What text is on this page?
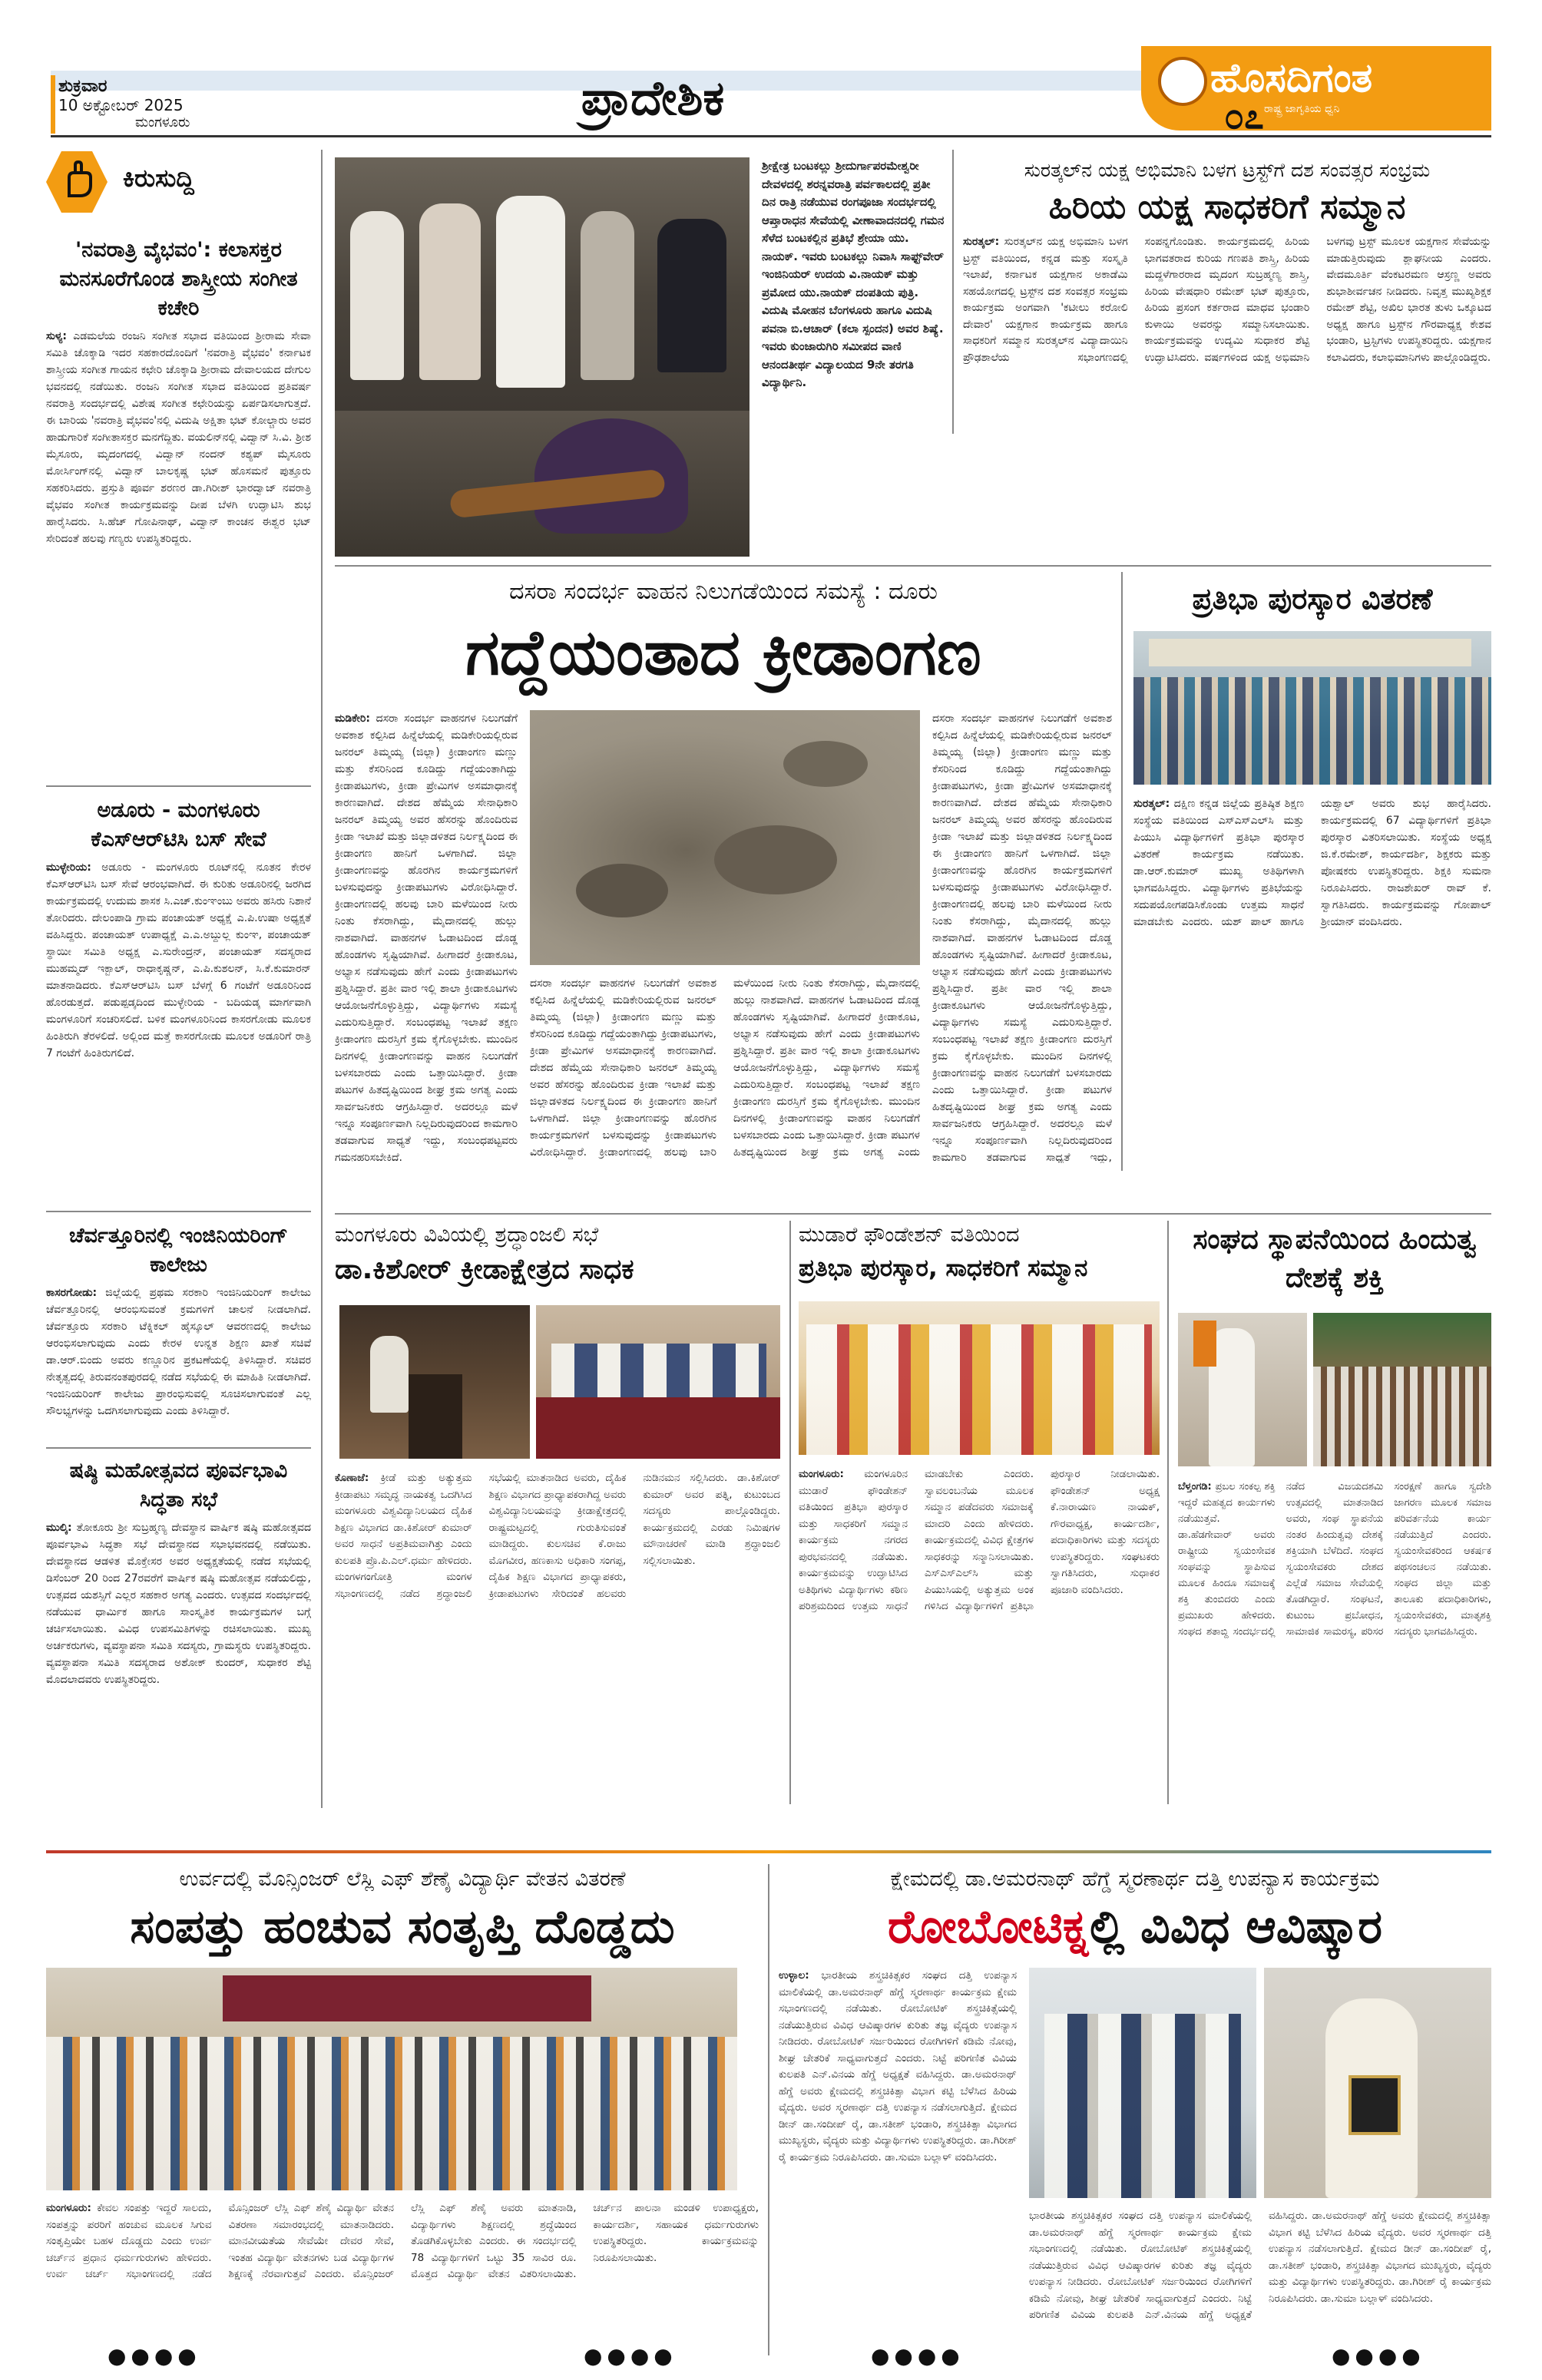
ಶುಕ್ರವಾರ
10 ಅಕ್ಟೋಬರ್ 2025
ಮಂಗಳೂರು	ಪ್ರಾದೇಶಿಕ	ಹೊಸದಿಗಂತ
ರಾಷ್ಟ್ರ ಜಾಗೃತಿಯ ಧ್ವನಿ
೦೭
ಕಿರುಸುದ್ದಿ
'ನವರಾತ್ರಿ ವೈಭವಂ': ಕಲಾಸಕ್ತರ ಮನಸೂರೆಗೊಂಡ ಶಾಸ್ತ್ರೀಯ ಸಂಗೀತ ಕಚೇರಿ
ಸುಳ್ಯ: ಎಡಮಲೆಯ ರಂಜನಿ ಸಂಗೀತ ಸಭಾದ ವತಿಯಿಂದ ಶ್ರೀರಾಮ ಸೇವಾ ಸಮಿತಿ ಚೊಕ್ಕಾಡಿ ಇದರ ಸಹಕಾರದೊಂದಿಗೆ 'ನವರಾತ್ರಿ ವೈಭವಂ' ಕರ್ನಾಟಕ ಶಾಸ್ತ್ರೀಯ ಸಂಗೀತ ಗಾಯನ ಕಛೇರಿ ಚೊಕ್ಕಾಡಿ ಶ್ರೀರಾಮ ದೇವಾಲಯದ ದೇಗುಲ ಭವನದಲ್ಲಿ ನಡೆಯಿತು. ರಂಜನಿ ಸಂಗೀತ ಸಭಾದ ವತಿಯಿಂದ ಪ್ರತಿವರ್ಷ ನವರಾತ್ರಿ ಸಂದರ್ಭದಲ್ಲಿ ವಿಶೇಷ ಸಂಗೀತ ಕಛೇರಿಯನ್ನು ಏರ್ಪಡಿಸಲಾಗುತ್ತದೆ. ಈ ಬಾರಿಯ 'ನವರಾತ್ರಿ ವೈಭವಂ'ನಲ್ಲಿ ವಿದುಷಿ ಅಕ್ಷಿತಾ ಭಟ್ ಕೋಲ್ಚಾರು ಅವರ ಹಾಡುಗಾರಿಕೆ ಸಂಗೀತಾಸಕ್ತರ ಮನಗೆದ್ದಿತು. ವಯಲಿನ್‌ನಲ್ಲಿ ವಿದ್ವಾನ್ ಸಿ.ವಿ. ಶ್ರೀಶ ಮೈಸೂರು, ಮೃದಂಗದಲ್ಲಿ ವಿದ್ವಾನ್ ನಂದನ್ ಕಶ್ಯಪ್ ಮೈಸೂರು ಮೋರ್ಸಿಂಗ್‌ನಲ್ಲಿ ವಿದ್ವಾನ್ ಬಾಲಕೃಷ್ಣ ಭಟ್ ಹೊಸಮನೆ ಪುತ್ತೂರು ಸಹಕರಿಸಿದರು. ಪ್ರಸ್ತುತಿ ಪೂರ್ವ ಶರಣರ ಡಾ.ಗಿರೀಶ್ ಭಾರದ್ವಾಜ್ ನವರಾತ್ರಿ ವೈಭವಂ ಸಂಗೀತ ಕಾರ್ಯಕ್ರಮವನ್ನು ದೀಪ ಬೆಳಗಿ ಉದ್ಘಾಟಿಸಿ ಶುಭ ಹಾರೈಸಿದರು. ಸಿ.ಹೆಚ್ ಗೋಪಿನಾಥ್, ವಿದ್ವಾನ್ ಕಾಂಚನ ಈಶ್ವರ ಭಟ್ ಸೇರಿದಂತೆ ಹಲವು ಗಣ್ಯರು ಉಪಸ್ಥಿತರಿದ್ದರು.
ಅಡೂರು - ಮಂಗಳೂರು ಕೆಎಸ್‌ಆರ್‌ಟಿಸಿ ಬಸ್ ಸೇವೆ
ಮುಳ್ಳೇರಿಯ: ಅಡೂರು - ಮಂಗಳೂರು ರೂಟ್‌ನಲ್ಲಿ ನೂತನ ಕೇರಳ ಕೆಎಸ್‌ಆರ್‌ಟಿಸಿ ಬಸ್ ಸೇವೆ ಆರಂಭವಾಗಿದೆ. ಈ ಕುರಿತು ಅಡೂರಿನಲ್ಲಿ ಜರಗಿದ ಕಾರ್ಯಕ್ರಮದಲ್ಲಿ ಉದುಮ ಶಾಸಕ ಸಿ.ಎಚ್.ಕುಂಞಂಬು ಅವರು ಹಸಿರು ನಿಶಾನೆ ತೋರಿದರು. ದೇಲಂಪಾಡಿ ಗ್ರಾಮ ಪಂಚಾಯತ್ ಅಧ್ಯಕ್ಷೆ ಎ.ಪಿ.ಉಷಾ ಅಧ್ಯಕ್ಷತೆ ವಹಿಸಿದ್ದರು. ಪಂಚಾಯತ್ ಉಪಾಧ್ಯಕ್ಷೆ ಎ.ಎ.ಅಬ್ದುಲ್ಲ ಕುಂಞ, ಪಂಚಾಯತ್ ಸ್ಥಾಯೀ ಸಮಿತಿ ಅಧ್ಯಕ್ಷ ಎ.ಸುರೇಂದ್ರನ್, ಪಂಚಾಯತ್ ಸದಸ್ಯರಾದ ಮುಹಮ್ಮದ್ ಇಕ್ಬಾಲ್, ರಾಧಾಕೃಷ್ಣನ್, ಎ.ಪಿ.ಕುಶಲನ್, ಸಿ.ಕೆ.ಕುಮಾರನ್ ಮಾತನಾಡಿದರು. ಕೆಎಸ್‌ಆರ್‌ಟಿಸಿ ಬಸ್ ಬೆಳಗ್ಗೆ 6 ಗಂಟೆಗೆ ಅಡೂರಿನಿಂದ ಹೊರಡುತ್ತದೆ. ಪಡುಪ್ಪಡ್ಕದಿಂದ ಮುಳ್ಳೇರಿಯ - ಬದಿಯಡ್ಕ ಮಾರ್ಗವಾಗಿ ಮಂಗಳೂರಿಗೆ ಸಂಚರಿಸಲಿದೆ. ಬಳಿಕ ಮಂಗಳೂರಿನಿಂದ ಕಾಸರಗೋಡು ಮೂಲಕ ಹಿಂತಿರುಗಿ ತೆರಳಲಿದೆ. ಅಲ್ಲಿಂದ ಮತ್ತೆ ಕಾಸರಗೋಡು ಮೂಲಕ ಅಡೂರಿಗೆ ರಾತ್ರಿ 7 ಗಂಟೆಗೆ ಹಿಂತಿರುಗಲಿದೆ.
ಚೆರ್ವತ್ತೂರಿನಲ್ಲಿ ಇಂಜಿನಿಯರಿಂಗ್ ಕಾಲೇಜು
ಕಾಸರಗೋಡು: ಜಿಲ್ಲೆಯಲ್ಲಿ ಪ್ರಥಮ ಸರಕಾರಿ ಇಂಜಿನಿಯರಿಂಗ್ ಕಾಲೇಜು ಚೆರ್ವತ್ತೂರಿನಲ್ಲಿ ಆರಂಭಿಸುವಂತೆ ಕ್ರಮಗಳಿಗೆ ಚಾಲನೆ ನೀಡಲಾಗಿದೆ. ಚೆರ್ವತ್ತೂರು ಸರಕಾರಿ ಟೆಕ್ನಿಕಲ್ ಹೈಸ್ಕೂಲ್ ಆವರಣದಲ್ಲಿ ಕಾಲೇಜು ಆರಂಭಿಸಲಾಗುವುದು ಎಂದು ಕೇರಳ ಉನ್ನತ ಶಿಕ್ಷಣ ಖಾತೆ ಸಚಿವೆ ಡಾ.ಆರ್.ಬಿಂದು ಅವರು ಕಣ್ಣೂರಿನ ಪ್ರಕಟಣೆಯಲ್ಲಿ ತಿಳಿಸಿದ್ದಾರೆ. ಸಚಿವರ ನೇತೃತ್ವದಲ್ಲಿ ತಿರುವನಂತಪುರದಲ್ಲಿ ನಡೆದ ಸಭೆಯಲ್ಲಿ ಈ ಮಾಹಿತಿ ನೀಡಲಾಗಿದೆ. ಇಂಜಿನಿಯರಿಂಗ್ ಕಾಲೇಜು ಪ್ರಾರಂಭಿಸುವಲ್ಲಿ ಸೂಚಿಸಲಾಗುವಂತೆ ಎಲ್ಲ ಸೌಲಭ್ಯಗಳನ್ನು ಒದಗಿಸಲಾಗುವುದು ಎಂದು ತಿಳಿಸಿದ್ದಾರೆ.
ಷಷ್ಠಿ ಮಹೋತ್ಸವದ ಪೂರ್ವಭಾವಿ ಸಿದ್ಧತಾ ಸಭೆ
ಮುಲ್ಕಿ: ತೋಕೂರು ಶ್ರೀ ಸುಬ್ರಹ್ಮಣ್ಯ ದೇವಸ್ಥಾನ ವಾರ್ಷಿಕ ಷಷ್ಠಿ ಮಹೋತ್ಸವದ ಪೂರ್ವಭಾವಿ ಸಿದ್ಧತಾ ಸಭೆ ದೇವಸ್ಥಾನದ ಸಭಾಭವನದಲ್ಲಿ ನಡೆಯಿತು. ದೇವಸ್ಥಾನದ ಆಡಳಿತ ಮೊಕ್ತೇಸರ ಅವರ ಅಧ್ಯಕ್ಷತೆಯಲ್ಲಿ ನಡೆದ ಸಭೆಯಲ್ಲಿ ಡಿಸೆಂಬರ್ 20 ರಿಂದ 27ರವರೆಗೆ ವಾರ್ಷಿಕ ಷಷ್ಠಿ ಮಹೋತ್ಸವ ನಡೆಯಲಿದ್ದು, ಉತ್ಸವದ ಯಶಸ್ಸಿಗೆ ಎಲ್ಲರ ಸಹಕಾರ ಅಗತ್ಯ ಎಂದರು. ಉತ್ಸವದ ಸಂದರ್ಭದಲ್ಲಿ ನಡೆಯುವ ಧಾರ್ಮಿಕ ಹಾಗೂ ಸಾಂಸ್ಕೃತಿಕ ಕಾರ್ಯಕ್ರಮಗಳ ಬಗ್ಗೆ ಚರ್ಚಿಸಲಾಯಿತು. ವಿವಿಧ ಉಪಸಮಿತಿಗಳನ್ನು ರಚಿಸಲಾಯಿತು. ಮುಖ್ಯ ಅರ್ಚಕರುಗಳು, ವ್ಯವಸ್ಥಾಪನಾ ಸಮಿತಿ ಸದಸ್ಯರು, ಗ್ರಾಮಸ್ಥರು ಉಪಸ್ಥಿತರಿದ್ದರು. ವ್ಯವಸ್ಥಾಪನಾ ಸಮಿತಿ ಸದಸ್ಯರಾದ ಅಶೋಕ್ ಕುಂದರ್, ಸುಧಾಕರ ಶೆಟ್ಟಿ ಮೊದಲಾದವರು ಉಪಸ್ಥಿತರಿದ್ದರು.
ಶ್ರೀಕ್ಷೇತ್ರ ಬಂಟಕಲ್ಲು ಶ್ರೀದುರ್ಗಾಪರಮೇಶ್ವರೀ ದೇವಳದಲ್ಲಿ ಶರನ್ನವರಾತ್ರಿ ಪರ್ವಕಾಲದಲ್ಲಿ ಪ್ರತೀ ದಿನ ರಾತ್ರಿ ನಡೆಯುವ ರಂಗಪೂಜಾ ಸಂದರ್ಭದಲ್ಲಿ ಆಪ್ತಾರಾಧನ ಸೇವೆಯಲ್ಲಿ ವೀಣಾವಾದನದಲ್ಲಿ ಗಮನ ಸೆಳೆದ ಬಂಟಕಲ್ಲಿನ ಪ್ರತಿಭೆ ಶ್ರೇಯಾ ಯು. ನಾಯಕ್. ಇವರು ಬಂಟಕಲ್ಲು ನಿವಾಸಿ ಸಾಫ್ಟ್‌ವೇರ್ ಇಂಜಿನಿಯರ್ ಉದಯ ವಿ.ನಾಯಕ್ ಮತ್ತು ಪ್ರಮೋದ ಯು.ನಾಯಕ್ ದಂಪತಿಯ ಪುತ್ರಿ. ವಿದುಷಿ ಮೋಹನ ಬೆಂಗಳೂರು ಹಾಗೂ ವಿದುಷಿ ಪವನಾ ಬಿ.ಆಚಾರ್ (ಕಲಾ ಸ್ಪಂದನ) ಅವರ ಶಿಷ್ಯೆ. ಇವರು ಕುಂಜಾರುಗಿರಿ ಸಮೀಪದ ವಾಣಿ ಆನಂದತೀರ್ಥ ವಿದ್ಯಾಲಯದ 9ನೇ ತರಗತಿ ವಿದ್ಯಾರ್ಥಿನಿ.
ಸುರತ್ಕಲ್‌ನ ಯಕ್ಷ ಅಭಿಮಾನಿ ಬಳಗ ಟ್ರಸ್ಟ್‌ಗೆ ದಶ ಸಂವತ್ಸರ ಸಂಭ್ರಮ
ಹಿರಿಯ ಯಕ್ಷ ಸಾಧಕರಿಗೆ ಸಮ್ಮಾನ
ಸುರತ್ಕಲ್: ಸುರತ್ಕಲ್‌ನ ಯಕ್ಷ ಅಭಿಮಾನಿ ಬಳಗ ಟ್ರಸ್ಟ್ ವತಿಯಿಂದ, ಕನ್ನಡ ಮತ್ತು ಸಂಸ್ಕೃತಿ ಇಲಾಖೆ, ಕರ್ನಾಟಕ ಯಕ್ಷಗಾನ ಅಕಾಡೆಮಿ ಸಹಯೋಗದಲ್ಲಿ ಟ್ರಸ್ಟ್‌ನ ದಶ ಸಂವತ್ಸರ ಸಂಭ್ರಮ ಕಾರ್ಯಕ್ರಮ ಅಂಗವಾಗಿ 'ಕಟೀಲು ಕರೋಲಿ ದೇವಾರ' ಯಕ್ಷಗಾನ ಕಾರ್ಯಕ್ರಮ ಹಾಗೂ ಸಾಧಕರಿಗೆ ಸಮ್ಮಾನ ಸುರತ್ಕಲ್‌ನ ವಿದ್ಯಾದಾಯಿನಿ ಪ್ರೌಢಶಾಲೆಯ ಸಭಾಂಗಣದಲ್ಲಿ ಸಂಪನ್ನಗೊಂಡಿತು. ಕಾರ್ಯಕ್ರಮದಲ್ಲಿ ಹಿರಿಯ ಭಾಗವತರಾದ ಕುರಿಯ ಗಣಪತಿ ಶಾಸ್ತ್ರಿ, ಹಿರಿಯ ಮದ್ದಳೆಗಾರರಾದ ಮೃದಂಗ ಸುಬ್ರಹ್ಮಣ್ಯ ಶಾಸ್ತ್ರಿ, ಹಿರಿಯ ವೇಷಧಾರಿ ರಮೇಶ್ ಭಟ್ ಪುತ್ತೂರು, ಹಿರಿಯ ಪ್ರಸಂಗ ಕರ್ತರಾದ ಮಾಧವ ಭಂಡಾರಿ ಕುಳಾಯಿ ಅವರನ್ನು ಸಮ್ಮಾನಿಸಲಾಯಿತು. ಕಾರ್ಯಕ್ರಮವನ್ನು ಉದ್ಯಮಿ ಸುಧಾಕರ ಶೆಟ್ಟಿ ಉದ್ಘಾಟಿಸಿದರು. ವರ್ಷಗಳಿಂದ ಯಕ್ಷ ಅಭಿಮಾನಿ ಬಳಗವು ಟ್ರಸ್ಟ್ ಮೂಲಕ ಯಕ್ಷಗಾನ ಸೇವೆಯನ್ನು ಮಾಡುತ್ತಿರುವುದು ಶ್ಲಾಘನೀಯ ಎಂದರು. ವೇದಮೂರ್ತಿ ವೆಂಕಟರಮಣ ಆಸ್ರಣ್ಣ ಅವರು ಶುಭಾಶೀರ್ವಚನ ನೀಡಿದರು. ನಿವೃತ್ತ ಮುಖ್ಯಶಿಕ್ಷಕ ರಮೇಶ್ ಶೆಟ್ಟಿ, ಅಖಿಲ ಭಾರತ ತುಳು ಒಕ್ಕೂಟದ ಅಧ್ಯಕ್ಷ ಹಾಗೂ ಟ್ರಸ್ಟ್‌ನ ಗೌರವಾಧ್ಯಕ್ಷ ಕೇಶವ ಭಂಡಾರಿ, ಟ್ರಸ್ಟಿಗಳು ಉಪಸ್ಥಿತರಿದ್ದರು. ಯಕ್ಷಗಾನ ಕಲಾವಿದರು, ಕಲಾಭಿಮಾನಿಗಳು ಪಾಲ್ಗೊಂಡಿದ್ದರು.
ದಸರಾ ಸಂದರ್ಭ ವಾಹನ ನಿಲುಗಡೆಯಿಂದ ಸಮಸ್ಯೆ : ದೂರು
ಗದ್ದೆಯಂತಾದ ಕ್ರೀಡಾಂಗಣ
ಮಡಿಕೇರಿ: ದಸರಾ ಸಂದರ್ಭ ವಾಹನಗಳ ನಿಲುಗಡೆಗೆ ಅವಕಾಶ ಕಲ್ಪಿಸಿದ ಹಿನ್ನೆಲೆಯಲ್ಲಿ ಮಡಿಕೇರಿಯಲ್ಲಿರುವ ಜನರಲ್ ತಿಮ್ಮಯ್ಯ (ಜಿಲ್ಲಾ) ಕ್ರೀಡಾಂಗಣ ಮಣ್ಣು ಮತ್ತು ಕೆಸರಿನಿಂದ ಕೂಡಿದ್ದು ಗದ್ದೆಯಂತಾಗಿದ್ದು ಕ್ರೀಡಾಪಟುಗಳು, ಕ್ರೀಡಾ ಪ್ರೇಮಿಗಳ ಅಸಮಾಧಾನಕ್ಕೆ ಕಾರಣವಾಗಿದೆ. ದೇಶದ ಹೆಮ್ಮೆಯ ಸೇನಾಧಿಕಾರಿ ಜನರಲ್ ತಿಮ್ಮಯ್ಯ ಅವರ ಹೆಸರನ್ನು ಹೊಂದಿರುವ ಕ್ರೀಡಾ ಇಲಾಖೆ ಮತ್ತು ಜಿಲ್ಲಾಡಳಿತದ ನಿರ್ಲಕ್ಷ್ಯದಿಂದ ಈ ಕ್ರೀಡಾಂಗಣ ಹಾನಿಗೆ ಒಳಗಾಗಿದೆ. ಜಿಲ್ಲಾ ಕ್ರೀಡಾಂಗಣವನ್ನು ಹೊರಗಿನ ಕಾರ್ಯಕ್ರಮಗಳಿಗೆ ಬಳಸುವುದನ್ನು ಕ್ರೀಡಾಪಟುಗಳು ವಿರೋಧಿಸಿದ್ದಾರೆ. ಕ್ರೀಡಾಂಗಣದಲ್ಲಿ ಹಲವು ಬಾರಿ ಮಳೆಯಿಂದ ನೀರು ನಿಂತು ಕೆಸರಾಗಿದ್ದು, ಮೈದಾನದಲ್ಲಿ ಹುಲ್ಲು ನಾಶವಾಗಿದೆ. ವಾಹನಗಳ ಓಡಾಟದಿಂದ ದೊಡ್ಡ ಹೊಂಡಗಳು ಸೃಷ್ಟಿಯಾಗಿವೆ. ಹೀಗಾದರೆ ಕ್ರೀಡಾಕೂಟ, ಅಭ್ಯಾಸ ನಡೆಸುವುದು ಹೇಗೆ ಎಂದು ಕ್ರೀಡಾಪಟುಗಳು ಪ್ರಶ್ನಿಸಿದ್ದಾರೆ. ಪ್ರತೀ ವಾರ ಇಲ್ಲಿ ಶಾಲಾ ಕ್ರೀಡಾಕೂಟಗಳು ಆಯೋಜನೆಗೊಳ್ಳುತ್ತಿದ್ದು, ವಿದ್ಯಾರ್ಥಿಗಳು ಸಮಸ್ಯೆ ಎದುರಿಸುತ್ತಿದ್ದಾರೆ. ಸಂಬಂಧಪಟ್ಟ ಇಲಾಖೆ ತಕ್ಷಣ ಕ್ರೀಡಾಂಗಣ ದುರಸ್ತಿಗೆ ಕ್ರಮ ಕೈಗೊಳ್ಳಬೇಕು. ಮುಂದಿನ ದಿನಗಳಲ್ಲಿ ಕ್ರೀಡಾಂಗಣವನ್ನು ವಾಹನ ನಿಲುಗಡೆಗೆ ಬಳಸಬಾರದು ಎಂದು ಒತ್ತಾಯಿಸಿದ್ದಾರೆ. ಕ್ರೀಡಾ ಪಟುಗಳ ಹಿತದೃಷ್ಟಿಯಿಂದ ಶೀಘ್ರ ಕ್ರಮ ಅಗತ್ಯ ಎಂದು ಸಾರ್ವಜನಿಕರು ಆಗ್ರಹಿಸಿದ್ದಾರೆ. ಅದರಲ್ಲೂ ಮಳೆ ಇನ್ನೂ ಸಂಪೂರ್ಣವಾಗಿ ನಿಲ್ಲದಿರುವುದರಿಂದ ಕಾಮಗಾರಿ ತಡವಾಗುವ ಸಾಧ್ಯತೆ ಇದ್ದು, ಸಂಬಂಧಪಟ್ಟವರು ಗಮನಹರಿಸಬೇಕಿದೆ.
ದಸರಾ ಸಂದರ್ಭ ವಾಹನಗಳ ನಿಲುಗಡೆಗೆ ಅವಕಾಶ ಕಲ್ಪಿಸಿದ ಹಿನ್ನೆಲೆಯಲ್ಲಿ ಮಡಿಕೇರಿಯಲ್ಲಿರುವ ಜನರಲ್ ತಿಮ್ಮಯ್ಯ (ಜಿಲ್ಲಾ) ಕ್ರೀಡಾಂಗಣ ಮಣ್ಣು ಮತ್ತು ಕೆಸರಿನಿಂದ ಕೂಡಿದ್ದು ಗದ್ದೆಯಂತಾಗಿದ್ದು ಕ್ರೀಡಾಪಟುಗಳು, ಕ್ರೀಡಾ ಪ್ರೇಮಿಗಳ ಅಸಮಾಧಾನಕ್ಕೆ ಕಾರಣವಾಗಿದೆ. ದೇಶದ ಹೆಮ್ಮೆಯ ಸೇನಾಧಿಕಾರಿ ಜನರಲ್ ತಿಮ್ಮಯ್ಯ ಅವರ ಹೆಸರನ್ನು ಹೊಂದಿರುವ ಕ್ರೀಡಾ ಇಲಾಖೆ ಮತ್ತು ಜಿಲ್ಲಾಡಳಿತದ ನಿರ್ಲಕ್ಷ್ಯದಿಂದ ಈ ಕ್ರೀಡಾಂಗಣ ಹಾನಿಗೆ ಒಳಗಾಗಿದೆ. ಜಿಲ್ಲಾ ಕ್ರೀಡಾಂಗಣವನ್ನು ಹೊರಗಿನ ಕಾರ್ಯಕ್ರಮಗಳಿಗೆ ಬಳಸುವುದನ್ನು ಕ್ರೀಡಾಪಟುಗಳು ವಿರೋಧಿಸಿದ್ದಾರೆ. ಕ್ರೀಡಾಂಗಣದಲ್ಲಿ ಹಲವು ಬಾರಿ ಮಳೆಯಿಂದ ನೀರು ನಿಂತು ಕೆಸರಾಗಿದ್ದು, ಮೈದಾನದಲ್ಲಿ ಹುಲ್ಲು ನಾಶವಾಗಿದೆ. ವಾಹನಗಳ ಓಡಾಟದಿಂದ ದೊಡ್ಡ ಹೊಂಡಗಳು ಸೃಷ್ಟಿಯಾಗಿವೆ. ಹೀಗಾದರೆ ಕ್ರೀಡಾಕೂಟ, ಅಭ್ಯಾಸ ನಡೆಸುವುದು ಹೇಗೆ ಎಂದು ಕ್ರೀಡಾಪಟುಗಳು ಪ್ರಶ್ನಿಸಿದ್ದಾರೆ. ಪ್ರತೀ ವಾರ ಇಲ್ಲಿ ಶಾಲಾ ಕ್ರೀಡಾಕೂಟಗಳು ಆಯೋಜನೆಗೊಳ್ಳುತ್ತಿದ್ದು, ವಿದ್ಯಾರ್ಥಿಗಳು ಸಮಸ್ಯೆ ಎದುರಿಸುತ್ತಿದ್ದಾರೆ. ಸಂಬಂಧಪಟ್ಟ ಇಲಾಖೆ ತಕ್ಷಣ ಕ್ರೀಡಾಂಗಣ ದುರಸ್ತಿಗೆ ಕ್ರಮ ಕೈಗೊಳ್ಳಬೇಕು. ಮುಂದಿನ ದಿನಗಳಲ್ಲಿ ಕ್ರೀಡಾಂಗಣವನ್ನು ವಾಹನ ನಿಲುಗಡೆಗೆ ಬಳಸಬಾರದು ಎಂದು ಒತ್ತಾಯಿಸಿದ್ದಾರೆ. ಕ್ರೀಡಾ ಪಟುಗಳ ಹಿತದೃಷ್ಟಿಯಿಂದ ಶೀಘ್ರ ಕ್ರಮ ಅಗತ್ಯ ಎಂದು
ದಸರಾ ಸಂದರ್ಭ ವಾಹನಗಳ ನಿಲುಗಡೆಗೆ ಅವಕಾಶ ಕಲ್ಪಿಸಿದ ಹಿನ್ನೆಲೆಯಲ್ಲಿ ಮಡಿಕೇರಿಯಲ್ಲಿರುವ ಜನರಲ್ ತಿಮ್ಮಯ್ಯ (ಜಿಲ್ಲಾ) ಕ್ರೀಡಾಂಗಣ ಮಣ್ಣು ಮತ್ತು ಕೆಸರಿನಿಂದ ಕೂಡಿದ್ದು ಗದ್ದೆಯಂತಾಗಿದ್ದು ಕ್ರೀಡಾಪಟುಗಳು, ಕ್ರೀಡಾ ಪ್ರೇಮಿಗಳ ಅಸಮಾಧಾನಕ್ಕೆ ಕಾರಣವಾಗಿದೆ. ದೇಶದ ಹೆಮ್ಮೆಯ ಸೇನಾಧಿಕಾರಿ ಜನರಲ್ ತಿಮ್ಮಯ್ಯ ಅವರ ಹೆಸರನ್ನು ಹೊಂದಿರುವ ಕ್ರೀಡಾ ಇಲಾಖೆ ಮತ್ತು ಜಿಲ್ಲಾಡಳಿತದ ನಿರ್ಲಕ್ಷ್ಯದಿಂದ ಈ ಕ್ರೀಡಾಂಗಣ ಹಾನಿಗೆ ಒಳಗಾಗಿದೆ. ಜಿಲ್ಲಾ ಕ್ರೀಡಾಂಗಣವನ್ನು ಹೊರಗಿನ ಕಾರ್ಯಕ್ರಮಗಳಿಗೆ ಬಳಸುವುದನ್ನು ಕ್ರೀಡಾಪಟುಗಳು ವಿರೋಧಿಸಿದ್ದಾರೆ. ಕ್ರೀಡಾಂಗಣದಲ್ಲಿ ಹಲವು ಬಾರಿ ಮಳೆಯಿಂದ ನೀರು ನಿಂತು ಕೆಸರಾಗಿದ್ದು, ಮೈದಾನದಲ್ಲಿ ಹುಲ್ಲು ನಾಶವಾಗಿದೆ. ವಾಹನಗಳ ಓಡಾಟದಿಂದ ದೊಡ್ಡ ಹೊಂಡಗಳು ಸೃಷ್ಟಿಯಾಗಿವೆ. ಹೀಗಾದರೆ ಕ್ರೀಡಾಕೂಟ, ಅಭ್ಯಾಸ ನಡೆಸುವುದು ಹೇಗೆ ಎಂದು ಕ್ರೀಡಾಪಟುಗಳು ಪ್ರಶ್ನಿಸಿದ್ದಾರೆ. ಪ್ರತೀ ವಾರ ಇಲ್ಲಿ ಶಾಲಾ ಕ್ರೀಡಾಕೂಟಗಳು ಆಯೋಜನೆಗೊಳ್ಳುತ್ತಿದ್ದು, ವಿದ್ಯಾರ್ಥಿಗಳು ಸಮಸ್ಯೆ ಎದುರಿಸುತ್ತಿದ್ದಾರೆ. ಸಂಬಂಧಪಟ್ಟ ಇಲಾಖೆ ತಕ್ಷಣ ಕ್ರೀಡಾಂಗಣ ದುರಸ್ತಿಗೆ ಕ್ರಮ ಕೈಗೊಳ್ಳಬೇಕು. ಮುಂದಿನ ದಿನಗಳಲ್ಲಿ ಕ್ರೀಡಾಂಗಣವನ್ನು ವಾಹನ ನಿಲುಗಡೆಗೆ ಬಳಸಬಾರದು ಎಂದು ಒತ್ತಾಯಿಸಿದ್ದಾರೆ. ಕ್ರೀಡಾ ಪಟುಗಳ ಹಿತದೃಷ್ಟಿಯಿಂದ ಶೀಘ್ರ ಕ್ರಮ ಅಗತ್ಯ ಎಂದು ಸಾರ್ವಜನಿಕರು ಆಗ್ರಹಿಸಿದ್ದಾರೆ. ಅದರಲ್ಲೂ ಮಳೆ ಇನ್ನೂ ಸಂಪೂರ್ಣವಾಗಿ ನಿಲ್ಲದಿರುವುದರಿಂದ ಕಾಮಗಾರಿ ತಡವಾಗುವ ಸಾಧ್ಯತೆ ಇದ್ದು,
ಪ್ರತಿಭಾ ಪುರಸ್ಕಾರ ವಿತರಣೆ
ಸುರತ್ಕಲ್: ದಕ್ಷಿಣ ಕನ್ನಡ ಜಿಲ್ಲೆಯ ಪ್ರತಿಷ್ಠಿತ ಶಿಕ್ಷಣ ಸಂಸ್ಥೆಯ ವತಿಯಿಂದ ಎಸ್ಎಸ್ಎಲ್‌ಸಿ ಮತ್ತು ಪಿಯುಸಿ ವಿದ್ಯಾರ್ಥಿಗಳಿಗೆ ಪ್ರತಿಭಾ ಪುರಸ್ಕಾರ ವಿತರಣೆ ಕಾರ್ಯಕ್ರಮ ನಡೆಯಿತು. ಡಾ.ಆರ್.ಕುಮಾರ್ ಮುಖ್ಯ ಅತಿಥಿಗಳಾಗಿ ಭಾಗವಹಿಸಿದ್ದರು. ವಿದ್ಯಾರ್ಥಿಗಳು ಪ್ರತಿಭೆಯನ್ನು ಸದುಪಯೋಗಪಡಿಸಿಕೊಂಡು ಉತ್ತಮ ಸಾಧನೆ ಮಾಡಬೇಕು ಎಂದರು. ಯಶ್ ಪಾಲ್ ಹಾಗೂ ಯಶ್ವಾಲ್ ಅವರು ಶುಭ ಹಾರೈಸಿದರು. ಕಾರ್ಯಕ್ರಮದಲ್ಲಿ 67 ವಿದ್ಯಾರ್ಥಿಗಳಿಗೆ ಪ್ರತಿಭಾ ಪುರಸ್ಕಾರ ವಿತರಿಸಲಾಯಿತು. ಸಂಸ್ಥೆಯ ಅಧ್ಯಕ್ಷ ಜಿ.ಕೆ.ರಮೇಶ್, ಕಾರ್ಯದರ್ಶಿ, ಶಿಕ್ಷಕರು ಮತ್ತು ಪೋಷಕರು ಉಪಸ್ಥಿತರಿದ್ದರು. ಶಿಕ್ಷಕಿ ಸುಮನಾ ನಿರೂಪಿಸಿದರು. ರಾಜಶೇಖರ್ ರಾವ್ ಕೆ. ಸ್ವಾಗತಿಸಿದರು. ಕಾರ್ಯಕ್ರಮವನ್ನು ಗೋಪಾಲ್ ಶ್ರೀಯಾನ್ ವಂದಿಸಿದರು.
ಮಂಗಳೂರು ವಿವಿಯಲ್ಲಿ ಶ್ರದ್ಧಾಂಜಲಿ ಸಭೆ
ಡಾ.ಕಿಶೋರ್ ಕ್ರೀಡಾಕ್ಷೇತ್ರದ ಸಾಧಕ
ಕೊಣಾಜೆ: ಕ್ರೀಡೆ ಮತ್ತು ಅತ್ಯುತ್ತಮ ಕ್ರೀಡಾಪಟು ಸಮೃದ್ಧ ನಾಯಕತ್ವ ಒದಗಿಸಿದ ಮಂಗಳೂರು ವಿಶ್ವವಿದ್ಯಾನಿಲಯದ ದೈಹಿಕ ಶಿಕ್ಷಣ ವಿಭಾಗದ ಡಾ.ಕಿಶೋರ್ ಕುಮಾರ್ ಅವರ ಸಾಧನೆ ಅಪ್ರತಿಮವಾಗಿತ್ತು ಎಂದು ಕುಲಪತಿ ಪ್ರೊ.ಪಿ.ಎಲ್.ಧರ್ಮ ಹೇಳಿದರು. ಮಂಗಳಗಂಗೋತ್ರಿ ಮಂಗಳ ಸಭಾಂಗಣದಲ್ಲಿ ನಡೆದ ಶ್ರದ್ಧಾಂಜಲಿ ಸಭೆಯಲ್ಲಿ ಮಾತನಾಡಿದ ಅವರು, ದೈಹಿಕ ಶಿಕ್ಷಣ ವಿಭಾಗದ ಪ್ರಾಧ್ಯಾಪಕರಾಗಿದ್ದ ಅವರು ವಿಶ್ವವಿದ್ಯಾನಿಲಯವನ್ನು ಕ್ರೀಡಾಕ್ಷೇತ್ರದಲ್ಲಿ ರಾಷ್ಟ್ರಮಟ್ಟದಲ್ಲಿ ಗುರುತಿಸುವಂತೆ ಮಾಡಿದ್ದರು. ಕುಲಸಚಿವ ಕೆ.ರಾಜು ಮೊಗವೀರ, ಹಣಕಾಸು ಅಧಿಕಾರಿ ಸಂಗಪ್ಪ, ದೈಹಿಕ ಶಿಕ್ಷಣ ವಿಭಾಗದ ಪ್ರಾಧ್ಯಾಪಕರು, ಕ್ರೀಡಾಪಟುಗಳು ಸೇರಿದಂತೆ ಹಲವರು ನುಡಿನಮನ ಸಲ್ಲಿಸಿದರು. ಡಾ.ಕಿಶೋರ್ ಕುಮಾರ್ ಅವರ ಪತ್ನಿ, ಕುಟುಂಬದ ಸದಸ್ಯರು ಪಾಲ್ಗೊಂಡಿದ್ದರು. ಕಾರ್ಯಕ್ರಮದಲ್ಲಿ ಎರಡು ನಿಮಿಷಗಳ ಮೌನಾಚರಣೆ ಮಾಡಿ ಶ್ರದ್ಧಾಂಜಲಿ ಸಲ್ಲಿಸಲಾಯಿತು.
ಮುಡಾರೆ ಫೌಂಡೇಶನ್ ವತಿಯಿಂದ
ಪ್ರತಿಭಾ ಪುರಸ್ಕಾರ, ಸಾಧಕರಿಗೆ ಸಮ್ಮಾನ
ಮಂಗಳೂರು: ಮಂಗಳೂರಿನ ಮುಡಾರೆ ಫೌಂಡೇಶನ್ ವತಿಯಿಂದ ಪ್ರತಿಭಾ ಪುರಸ್ಕಾರ ಮತ್ತು ಸಾಧಕರಿಗೆ ಸಮ್ಮಾನ ಕಾರ್ಯಕ್ರಮ ನಗರದ ಪುರಭವನದಲ್ಲಿ ನಡೆಯಿತು. ಕಾರ್ಯಕ್ರಮವನ್ನು ಉದ್ಘಾಟಿಸಿದ ಅತಿಥಿಗಳು ವಿದ್ಯಾರ್ಥಿಗಳು ಕಠಿಣ ಪರಿಶ್ರಮದಿಂದ ಉತ್ತಮ ಸಾಧನೆ ಮಾಡಬೇಕು ಎಂದರು. ಸ್ವಾವಲಂಬನೆಯ ಮೂಲಕ ಸಮ್ಮಾನ ಪಡೆದವರು ಸಮಾಜಕ್ಕೆ ಮಾದರಿ ಎಂದು ಹೇಳಿದರು. ಕಾರ್ಯಕ್ರಮದಲ್ಲಿ ವಿವಿಧ ಕ್ಷೇತ್ರಗಳ ಸಾಧಕರನ್ನು ಸನ್ಮಾನಿಸಲಾಯಿತು. ಎಸ್ಎಸ್ಎಲ್‌ಸಿ ಮತ್ತು ಪಿಯುಸಿಯಲ್ಲಿ ಅತ್ಯುತ್ತಮ ಅಂಕ ಗಳಿಸಿದ ವಿದ್ಯಾರ್ಥಿಗಳಿಗೆ ಪ್ರತಿಭಾ ಪುರಸ್ಕಾರ ನೀಡಲಾಯಿತು. ಫೌಂಡೇಶನ್ ಅಧ್ಯಕ್ಷ ಕೆ.ನಾರಾಯಣ ನಾಯಕ್, ಗೌರವಾಧ್ಯಕ್ಷ, ಕಾರ್ಯದರ್ಶಿ, ಪದಾಧಿಕಾರಿಗಳು ಮತ್ತು ಸದಸ್ಯರು ಉಪಸ್ಥಿತರಿದ್ದರು. ಸಂಘಟಕರು ಸ್ವಾಗತಿಸಿದರು, ಸುಧಾಕರ ಪೂಜಾರಿ ವಂದಿಸಿದರು.
ಸಂಘದ ಸ್ಥಾಪನೆಯಿಂದ ಹಿಂದುತ್ವ ದೇಶಕ್ಕೆ ಶಕ್ತಿ
ಬೆಳ್ತಂಗಡಿ: ಪ್ರಬಲ ಸಂಕಲ್ಪ ಶಕ್ತಿ ಇದ್ದರೆ ಮಹತ್ವದ ಕಾರ್ಯಗಳು ನಡೆಯುತ್ತವೆ. ಡಾ.ಹೆಡಗೇವಾರ್ ಅವರು ರಾಷ್ಟ್ರೀಯ ಸ್ವಯಂಸೇವಕ ಸಂಘವನ್ನು ಸ್ಥಾಪಿಸುವ ಮೂಲಕ ಹಿಂದೂ ಸಮಾಜಕ್ಕೆ ಶಕ್ತಿ ತುಂಬಿದರು ಎಂದು ಪ್ರಮುಖರು ಹೇಳಿದರು. ಸಂಘದ ಶತಾಬ್ದಿ ಸಂದರ್ಭದಲ್ಲಿ ನಡೆದ ವಿಜಯದಶಮಿ ಉತ್ಸವದಲ್ಲಿ ಮಾತನಾಡಿದ ಅವರು, ಸಂಘ ಸ್ಥಾಪನೆಯ ನಂತರ ಹಿಂದುತ್ವವು ದೇಶಕ್ಕೆ ಶಕ್ತಿಯಾಗಿ ಬೆಳೆದಿದೆ. ಸಂಘದ ಸ್ವಯಂಸೇವಕರು ದೇಶದ ಎಲ್ಲೆಡೆ ಸಮಾಜ ಸೇವೆಯಲ್ಲಿ ತೊಡಗಿದ್ದಾರೆ. ಸಂಘಟನೆ, ಕುಟುಂಬ ಪ್ರಬೋಧನ, ಸಾಮಾಜಿಕ ಸಾಮರಸ್ಯ, ಪರಿಸರ ಸಂರಕ್ಷಣೆ ಹಾಗೂ ಸ್ವದೇಶಿ ಜಾಗರಣ ಮೂಲಕ ಸಮಾಜ ಪರಿವರ್ತನೆಯ ಕಾರ್ಯ ನಡೆಯುತ್ತಿದೆ ಎಂದರು. ಸ್ವಯಂಸೇವಕರಿಂದ ಆಕರ್ಷಕ ಪಥಸಂಚಲನ ನಡೆಯಿತು. ಸಂಘದ ಜಿಲ್ಲಾ ಮತ್ತು ತಾಲೂಕು ಪದಾಧಿಕಾರಿಗಳು, ಸ್ವಯಂಸೇವಕರು, ಮಾತೃಶಕ್ತಿ ಸದಸ್ಯರು ಭಾಗವಹಿಸಿದ್ದರು.
ಉರ್ವದಲ್ಲಿ ಮೊನ್ಸಿಂಜರ್ ಲೆಸ್ಲಿ ಎಫ್ ಶೆಣೈ ವಿದ್ಯಾರ್ಥಿ ವೇತನ ವಿತರಣೆ
ಸಂಪತ್ತು ಹಂಚುವ ಸಂತೃಪ್ತಿ ದೊಡ್ಡದು
ಮಂಗಳೂರು: ಕೇವಲ ಸಂಪತ್ತು ಇದ್ದರೆ ಸಾಲದು, ಸಂಪತ್ತನ್ನು ಪರರಿಗೆ ಹಂಚುವ ಮೂಲಕ ಸಿಗುವ ಸಂತೃಪ್ತಿಯೇ ಬಹಳ ದೊಡ್ಡದು ಎಂದು ಉರ್ವ ಚರ್ಚ್‌ನ ಪ್ರಧಾನ ಧರ್ಮಗುರುಗಳು ಹೇಳಿದರು. ಉರ್ವ ಚರ್ಚ್ ಸಭಾಂಗಣದಲ್ಲಿ ನಡೆದ ಮೊನ್ಸಿಂಜರ್ ಲೆಸ್ಲಿ ಎಫ್ ಶೆಣೈ ವಿದ್ಯಾರ್ಥಿ ವೇತನ ವಿತರಣಾ ಸಮಾರಂಭದಲ್ಲಿ ಮಾತನಾಡಿದರು. ಮಾನವೀಯತೆಯ ಸೇವೆಯೇ ದೇವರ ಸೇವೆ, ಇಂತಹ ವಿದ್ಯಾರ್ಥಿ ವೇತನಗಳು ಬಡ ವಿದ್ಯಾರ್ಥಿಗಳ ಶಿಕ್ಷಣಕ್ಕೆ ನೆರವಾಗುತ್ತವೆ ಎಂದರು. ಮೊನ್ಸಿಂಜರ್ ಲೆಸ್ಲಿ ಎಫ್ ಶೆಣೈ ಅವರು ಮಾತನಾಡಿ, ವಿದ್ಯಾರ್ಥಿಗಳು ಶಿಕ್ಷಣದಲ್ಲಿ ಶ್ರದ್ಧೆಯಿಂದ ತೊಡಗಿಕೊಳ್ಳಬೇಕು ಎಂದರು. ಈ ಸಂದರ್ಭದಲ್ಲಿ 78 ವಿದ್ಯಾರ್ಥಿಗಳಿಗೆ ಒಟ್ಟು 35 ಸಾವಿರ ರೂ. ಮೊತ್ತದ ವಿದ್ಯಾರ್ಥಿ ವೇತನ ವಿತರಿಸಲಾಯಿತು. ಚರ್ಚ್‌ನ ಪಾಲನಾ ಮಂಡಳಿ ಉಪಾಧ್ಯಕ್ಷರು, ಕಾರ್ಯದರ್ಶಿ, ಸಹಾಯಕ ಧರ್ಮಗುರುಗಳು ಉಪಸ್ಥಿತರಿದ್ದರು. ಕಾರ್ಯಕ್ರಮವನ್ನು ನಿರೂಪಿಸಲಾಯಿತು.
●●●●	●●●●
ಕ್ಷೇಮದಲ್ಲಿ ಡಾ.ಅಮರನಾಥ್ ಹೆಗ್ಡೆ ಸ್ಮರಣಾರ್ಥ ದತ್ತಿ ಉಪನ್ಯಾಸ ಕಾರ್ಯಕ್ರಮ
ರೋಬೋಟಿಕ್ನಲ್ಲಿ ವಿವಿಧ ಆವಿಷ್ಕಾರ
ಉಳ್ಳಾಲ: ಭಾರತೀಯ ಶಸ್ತ್ರಚಿಕಿತ್ಸಕರ ಸಂಘದ ದತ್ತಿ ಉಪನ್ಯಾಸ ಮಾಲಿಕೆಯಲ್ಲಿ ಡಾ.ಅಮರನಾಥ್ ಹೆಗ್ಡೆ ಸ್ಮರಣಾರ್ಥ ಕಾರ್ಯಕ್ರಮ ಕ್ಷೇಮ ಸಭಾಂಗಣದಲ್ಲಿ ನಡೆಯಿತು. ರೋಬೋಟಿಕ್ ಶಸ್ತ್ರಚಿಕಿತ್ಸೆಯಲ್ಲಿ ನಡೆಯುತ್ತಿರುವ ವಿವಿಧ ಆವಿಷ್ಕಾರಗಳ ಕುರಿತು ತಜ್ಞ ವೈದ್ಯರು ಉಪನ್ಯಾಸ ನೀಡಿದರು. ರೋಬೋಟಿಕ್ ಸರ್ಜರಿಯಿಂದ ರೋಗಿಗಳಿಗೆ ಕಡಿಮೆ ನೋವು, ಶೀಘ್ರ ಚೇತರಿಕೆ ಸಾಧ್ಯವಾಗುತ್ತದೆ ಎಂದರು. ನಿಟ್ಟೆ ಪರಿಗಣಿತ ವಿವಿಯ ಕುಲಪತಿ ಎನ್.ವಿನಯ ಹೆಗ್ಡೆ ಅಧ್ಯಕ್ಷತೆ ವಹಿಸಿದ್ದರು. ಡಾ.ಅಮರನಾಥ್ ಹೆಗ್ಡೆ ಅವರು ಕ್ಷೇಮದಲ್ಲಿ ಶಸ್ತ್ರಚಿಕಿತ್ಸಾ ವಿಭಾಗ ಕಟ್ಟಿ ಬೆಳೆಸಿದ ಹಿರಿಯ ವೈದ್ಯರು. ಅವರ ಸ್ಮರಣಾರ್ಥ ದತ್ತಿ ಉಪನ್ಯಾಸ ನಡೆಸಲಾಗುತ್ತಿದೆ. ಕ್ಷೇಮದ ಡೀನ್ ಡಾ.ಸಂದೀಪ್ ರೈ, ಡಾ.ಸತೀಶ್ ಭಂಡಾರಿ, ಶಸ್ತ್ರಚಿಕಿತ್ಸಾ ವಿಭಾಗದ ಮುಖ್ಯಸ್ಥರು, ವೈದ್ಯರು ಮತ್ತು ವಿದ್ಯಾರ್ಥಿಗಳು ಉಪಸ್ಥಿತರಿದ್ದರು. ಡಾ.ಗಿರೀಶ್ ರೈ ಕಾರ್ಯಕ್ರಮ ನಿರೂಪಿಸಿದರು. ಡಾ.ಸುಮಾ ಬಲ್ಲಾಳ್ ವಂದಿಸಿದರು.
ಭಾರತೀಯ ಶಸ್ತ್ರಚಿಕಿತ್ಸಕರ ಸಂಘದ ದತ್ತಿ ಉಪನ್ಯಾಸ ಮಾಲಿಕೆಯಲ್ಲಿ ಡಾ.ಅಮರನಾಥ್ ಹೆಗ್ಡೆ ಸ್ಮರಣಾರ್ಥ ಕಾರ್ಯಕ್ರಮ ಕ್ಷೇಮ ಸಭಾಂಗಣದಲ್ಲಿ ನಡೆಯಿತು. ರೋಬೋಟಿಕ್ ಶಸ್ತ್ರಚಿಕಿತ್ಸೆಯಲ್ಲಿ ನಡೆಯುತ್ತಿರುವ ವಿವಿಧ ಆವಿಷ್ಕಾರಗಳ ಕುರಿತು ತಜ್ಞ ವೈದ್ಯರು ಉಪನ್ಯಾಸ ನೀಡಿದರು. ರೋಬೋಟಿಕ್ ಸರ್ಜರಿಯಿಂದ ರೋಗಿಗಳಿಗೆ ಕಡಿಮೆ ನೋವು, ಶೀಘ್ರ ಚೇತರಿಕೆ ಸಾಧ್ಯವಾಗುತ್ತದೆ ಎಂದರು. ನಿಟ್ಟೆ ಪರಿಗಣಿತ ವಿವಿಯ ಕುಲಪತಿ ಎನ್.ವಿನಯ ಹೆಗ್ಡೆ ಅಧ್ಯಕ್ಷತೆ ವಹಿಸಿದ್ದರು. ಡಾ.ಅಮರನಾಥ್ ಹೆಗ್ಡೆ ಅವರು ಕ್ಷೇಮದಲ್ಲಿ ಶಸ್ತ್ರಚಿಕಿತ್ಸಾ ವಿಭಾಗ ಕಟ್ಟಿ ಬೆಳೆಸಿದ ಹಿರಿಯ ವೈದ್ಯರು. ಅವರ ಸ್ಮರಣಾರ್ಥ ದತ್ತಿ ಉಪನ್ಯಾಸ ನಡೆಸಲಾಗುತ್ತಿದೆ. ಕ್ಷೇಮದ ಡೀನ್ ಡಾ.ಸಂದೀಪ್ ರೈ, ಡಾ.ಸತೀಶ್ ಭಂಡಾರಿ, ಶಸ್ತ್ರಚಿಕಿತ್ಸಾ ವಿಭಾಗದ ಮುಖ್ಯಸ್ಥರು, ವೈದ್ಯರು ಮತ್ತು ವಿದ್ಯಾರ್ಥಿಗಳು ಉಪಸ್ಥಿತರಿದ್ದರು. ಡಾ.ಗಿರೀಶ್ ರೈ ಕಾರ್ಯಕ್ರಮ ನಿರೂಪಿಸಿದರು. ಡಾ.ಸುಮಾ ಬಲ್ಲಾಳ್ ವಂದಿಸಿದರು.
●●●●	●●●●
